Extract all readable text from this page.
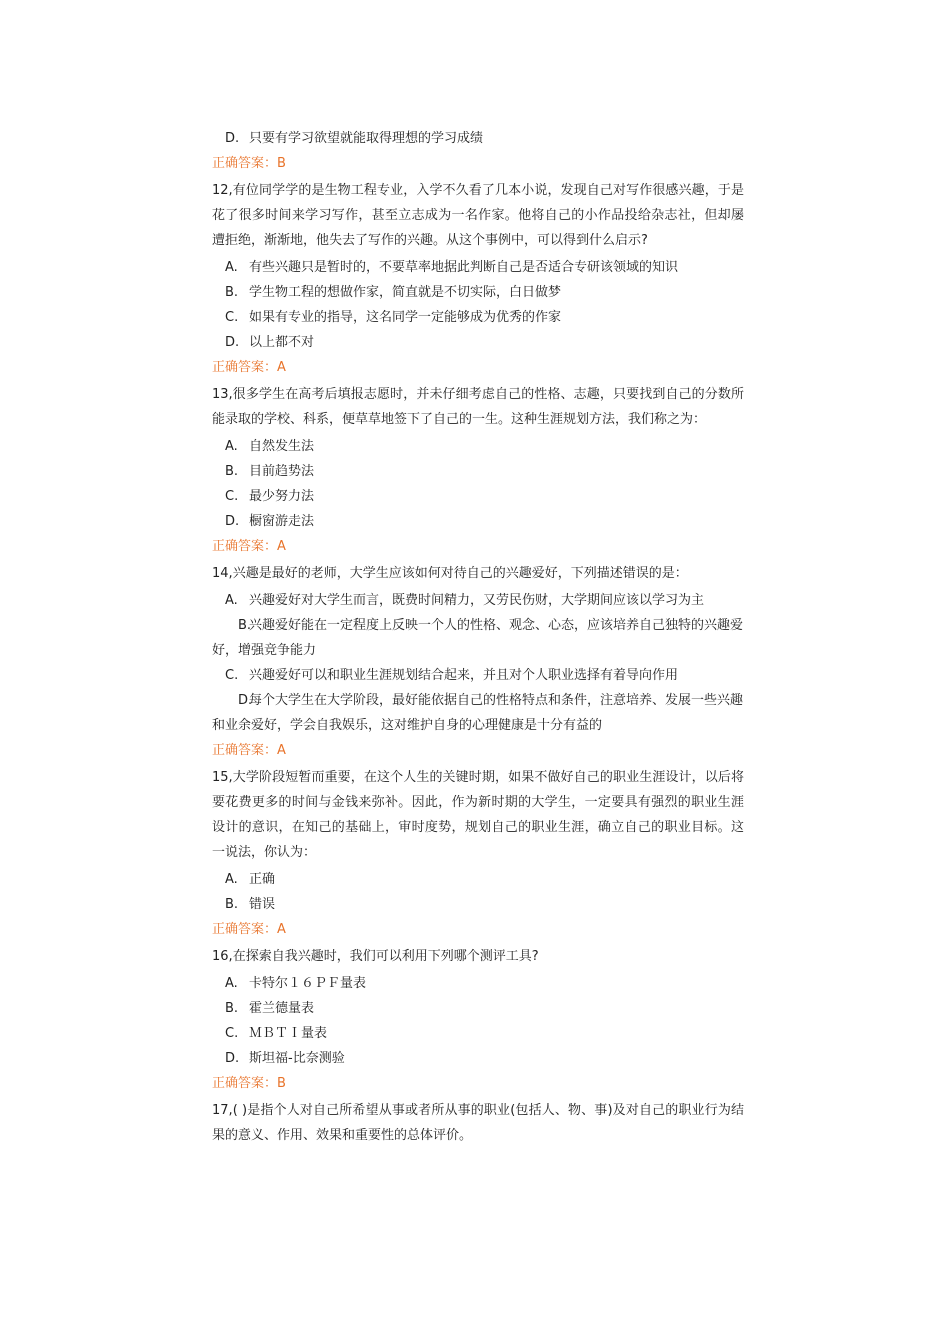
D. 只要有学习欲望就能取得理想的学习成绩
正确答案：B
12,有位同学学的是生物工程专业，入学不久看了几本小说，发现自己对写作很感兴趣，于是花了很多时间来学习写作，甚至立志成为一名作家。他将自己的小作品投给杂志社，但却屡遭拒绝，渐渐地，他失去了写作的兴趣。从这个事例中，可以得到什么启示?
A. 有些兴趣只是暂时的，不要草率地据此判断自己是否适合专研该领域的知识
B. 学生物工程的想做作家，简直就是不切实际，白日做梦
C. 如果有专业的指导，这名同学一定能够成为优秀的作家
D. 以上都不对
正确答案：A
13,很多学生在高考后填报志愿时，并未仔细考虑自己的性格、志趣，只要找到自己的分数所能录取的学校、科系，便草草地签下了自己的一生。这种生涯规划方法，我们称之为：
A. 自然发生法
B. 目前趋势法
C. 最少努力法
D. 橱窗游走法
正确答案：A
14,兴趣是最好的老师，大学生应该如何对待自己的兴趣爱好，下列描述错误的是：
A. 兴趣爱好对大学生而言，既费时间精力，又劳民伤财，大学期间应该以学习为主
B.兴趣爱好能在一定程度上反映一个人的性格、观念、心态，应该培养自己独特的兴趣爱好，增强竞争能力
C. 兴趣爱好可以和职业生涯规划结合起来，并且对个人职业选择有着导向作用
D.每个大学生在大学阶段，最好能依据自己的性格特点和条件，注意培养、发展一些兴趣和业余爱好，学会自我娱乐，这对维护自身的心理健康是十分有益的
正确答案：A
15,大学阶段短暂而重要，在这个人生的关键时期，如果不做好自己的职业生涯设计，以后将要花费更多的时间与金钱来弥补。因此，作为新时期的大学生，一定要具有强烈的职业生涯设计的意识，在知己的基础上，审时度势，规划自己的职业生涯，确立自己的职业目标。这一说法，你认为：
A. 正确
B. 错误
正确答案：A
16,在探索自我兴趣时，我们可以利用下列哪个测评工具?
A. 卡特尔１６ＰＦ量表
B. 霍兰德量表
C. ＭＢＴＩ量表
D. 斯坦福-比奈测验
正确答案：B
17,( )是指个人对自己所希望从事或者所从事的职业(包括人、物、事)及对自己的职业行为结果的意义、作用、效果和重要性的总体评价。
